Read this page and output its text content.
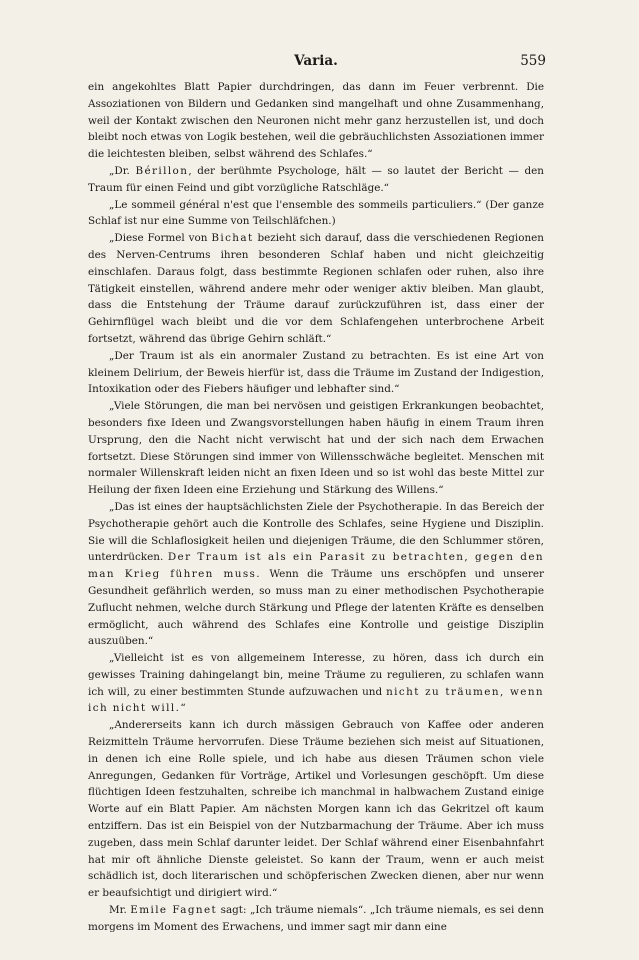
Varia.	559

ein angekohltes Blatt Papier durchdringen, das dann im Feuer verbrennt. Die Assoziationen von Bildern und Gedanken sind mangelhaft und ohne Zusammenhang, weil der Kontakt zwischen den Neuronen nicht mehr ganz herzustellen ist, und doch bleibt noch etwas von Logik bestehen, weil die gebräuchlichsten Assoziationen immer die leichtesten bleiben, selbst während des Schlafes.“

„Dr. Bérillon, der berühmte Psychologe, hält — so lautet der Bericht — den Traum für einen Feind und gibt vorzügliche Ratschläge.“

„Le sommeil général n'est que l'ensemble des sommeils particuliers.“ (Der ganze Schlaf ist nur eine Summe von Teilschläfchen.)

„Diese Formel von Bichat bezieht sich darauf, dass die verschiedenen Regionen des Nerven-Centrums ihren besonderen Schlaf haben und nicht gleichzeitig einschlafen. Daraus folgt, dass bestimmte Regionen schlafen oder ruhen, also ihre Tätigkeit einstellen, während andere mehr oder weniger aktiv bleiben. Man glaubt, dass die Entstehung der Träume darauf zurückzuführen ist, dass einer der Gehirnflügel wach bleibt und die vor dem Schlafengehen unterbrochene Arbeit fortsetzt, während das übrige Gehirn schläft.“

„Der Traum ist als ein anormaler Zustand zu betrachten. Es ist eine Art von kleinem Delirium, der Beweis hierfür ist, dass die Träume im Zustand der Indigestion, Intoxikation oder des Fiebers häufiger und lebhafter sind.“

„Viele Störungen, die man bei nervösen und geistigen Erkrankungen beobachtet, besonders fixe Ideen und Zwangsvorstellungen haben häufig in einem Traum ihren Ursprung, den die Nacht nicht verwischt hat und der sich nach dem Erwachen fortsetzt. Diese Störungen sind immer von Willensschwäche begleitet. Menschen mit normaler Willenskraft leiden nicht an fixen Ideen und so ist wohl das beste Mittel zur Heilung der fixen Ideen eine Erziehung und Stärkung des Willens.“

„Das ist eines der hauptsächlichsten Ziele der Psychotherapie. In das Bereich der Psychotherapie gehört auch die Kontrolle des Schlafes, seine Hygiene und Disziplin. Sie will die Schlaflosigkeit heilen und diejenigen Träume, die den Schlummer stören, unterdrücken. Der Traum ist als ein Parasit zu betrachten, gegen den man Krieg führen muss. Wenn die Träume uns erschöpfen und unserer Gesundheit gefährlich werden, so muss man zu einer methodischen Psychotherapie Zuflucht nehmen, welche durch Stärkung und Pflege der latenten Kräfte es denselben ermöglicht, auch während des Schlafes eine Kontrolle und geistige Disziplin auszuüben.“

„Vielleicht ist es von allgemeinem Interesse, zu hören, dass ich durch ein gewisses Training dahingelangt bin, meine Träume zu regulieren, zu schlafen wann ich will, zu einer bestimmten Stunde aufzuwachen und nicht zu träumen, wenn ich nicht will.“

„Andererseits kann ich durch mässigen Gebrauch von Kaffee oder anderen Reizmitteln Träume hervorrufen. Diese Träume beziehen sich meist auf Situationen, in denen ich eine Rolle spiele, und ich habe aus diesen Träumen schon viele Anregungen, Gedanken für Vorträge, Artikel und Vorlesungen geschöpft. Um diese flüchtigen Ideen festzuhalten, schreibe ich manchmal in halbwachem Zustand einige Worte auf ein Blatt Papier. Am nächsten Morgen kann ich das Gekritzel oft kaum entziffern. Das ist ein Beispiel von der Nutzbarmachung der Träume. Aber ich muss zugeben, dass mein Schlaf darunter leidet. Der Schlaf während einer Eisenbahnfahrt hat mir oft ähnliche Dienste geleistet. So kann der Traum, wenn er auch meist schädlich ist, doch literarischen und schöpferischen Zwecken dienen, aber nur wenn er beaufsichtigt und dirigiert wird.“

Mr. Emile Fagnet sagt: „Ich träume niemals“. „Ich träume niemals, es sei denn morgens im Moment des Erwachens, und immer sagt mir dann eine
